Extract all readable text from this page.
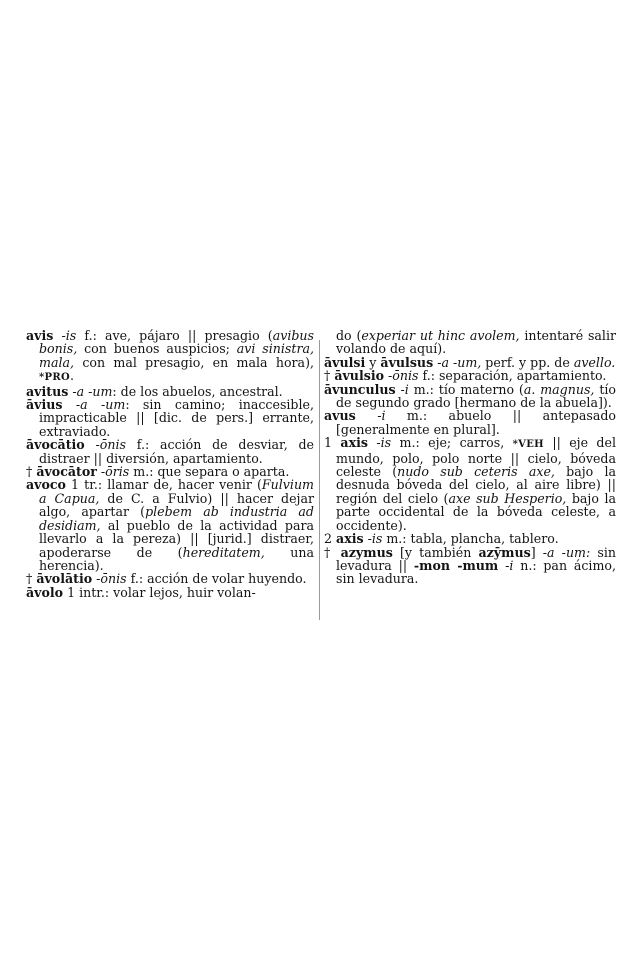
avis -is f.: ave, pájaro || presagio (avibus bonis, con buenos auspicios; avi sinistra, mala, con mal presagio, en mala hora), *PRO.

avitus -a -um: de los abuelos, ancestral.

āvius -a -um: sin camino; inaccesible, impracticable || [dic. de pers.] errante, extraviado.

āvocātio -ōnis f.: acción de desviar, de distraer || diversión, apartamiento.

† āvocātor -ōris m.: que separa o aparta.

avoco 1 tr.: llamar de, hacer venir (Fulvium a Capua, de C. a Fulvio) || hacer dejar algo, apartar (plebem ab industria ad desidiam, al pueblo de la actividad para llevarlo a la pereza) || [jurid.] distraer, apoderarse de (hereditatem, una herencia).

† āvolātio -ōnis f.: acción de volar huyendo.

āvolo 1 intr.: volar lejos, huir volan-

do (experiar ut hinc avolem, intentaré salir volando de aquí).

āvulsi y āvulsus -a -um, perf. y pp. de avello.

† āvulsio -ōnis f.: separación, apartamiento.

āvunculus -i m.: tío materno (a. magnus, tío de segundo grado [hermano de la abuela]).

avus -i m.: abuelo || antepasado [generalmente en plural].

1 axis -is m.: eje; carros, *VEH || eje del mundo, polo, polo norte || cielo, bóveda celeste (nudo sub ceteris axe, bajo la desnuda bóveda del cielo, al aire libre) || región del cielo (axe sub Hesperio, bajo la parte occidental de la bóveda celeste, a occidente).

2 axis -is m.: tabla, plancha, tablero.

† azymus [y también azȳmus] -a -um: sin levadura || -mon -mum -i n.: pan ácimo, sin levadura.
